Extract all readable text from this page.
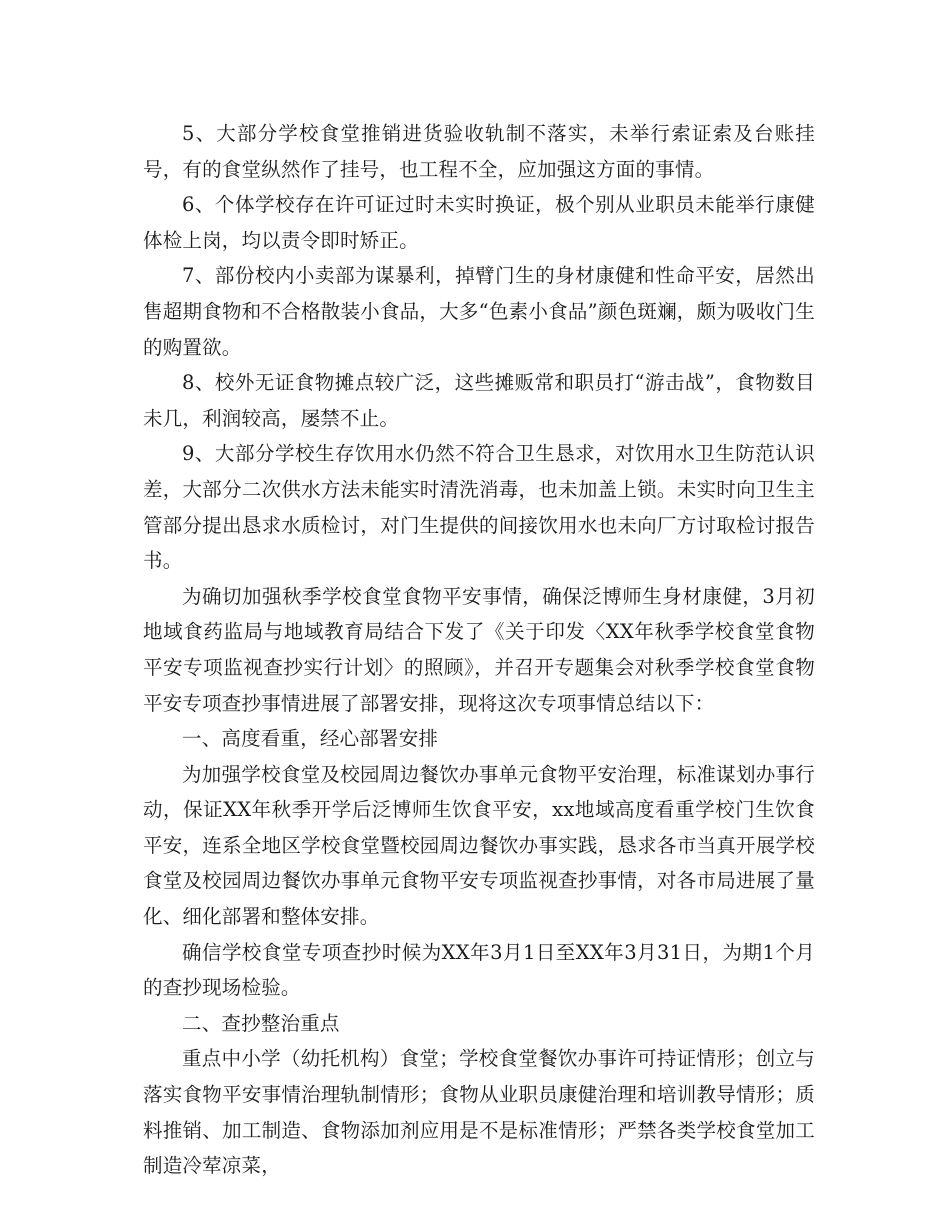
5、大部分学校食堂推销进货验收轨制不落实，未举行索证索及台账挂号，有的食堂纵然作了挂号，也工程不全，应加强这方面的事情。

6、个体学校存在许可证过时未实时换证，极个别从业职员未能举行康健体检上岗，均以责令即时矫正。

7、部份校内小卖部为谋暴利，掉臂门生的身材康健和性命平安，居然出售超期食物和不合格散装小食品，大多“色素小食品”颜色斑斓，颇为吸收门生的购置欲。

8、校外无证食物摊点较广泛，这些摊贩常和职员打“游击战”，食物数目未几，利润较高，屡禁不止。

9、大部分学校生存饮用水仍然不符合卫生恳求，对饮用水卫生防范认识差，大部分二次供水方法未能实时清洗消毒，也未加盖上锁。未实时向卫生主管部分提出恳求水质检讨，对门生提供的间接饮用水也未向厂方讨取检讨报告书。

为确切加强秋季学校食堂食物平安事情，确保泛博师生身材康健，3月初地域食药监局与地域教育局结合下发了《关于印发〈XX年秋季学校食堂食物平安专项监视查抄实行计划〉的照顾》，并召开专题集会对秋季学校食堂食物平安专项查抄事情进展了部署安排，现将这次专项事情总结以下：

一、高度看重，经心部署安排

为加强学校食堂及校园周边餐饮办事单元食物平安治理，标准谋划办事行动，保证XX年秋季开学后泛博师生饮食平安，xx地域高度看重学校门生饮食平安，连系全地区学校食堂暨校园周边餐饮办事实践，恳求各市当真开展学校食堂及校园周边餐饮办事单元食物平安专项监视查抄事情，对各市局进展了量化、细化部署和整体安排。

确信学校食堂专项查抄时候为XX年3月1日至XX年3月31日，为期1个月的查抄现场检验。

二、查抄整治重点

重点中小学（幼托机构）食堂；学校食堂餐饮办事许可持证情形；创立与落实食物平安事情治理轨制情形；食物从业职员康健治理和培训教导情形；质料推销、加工制造、食物添加剂应用是不是标准情形；严禁各类学校食堂加工制造冷荤凉菜，
